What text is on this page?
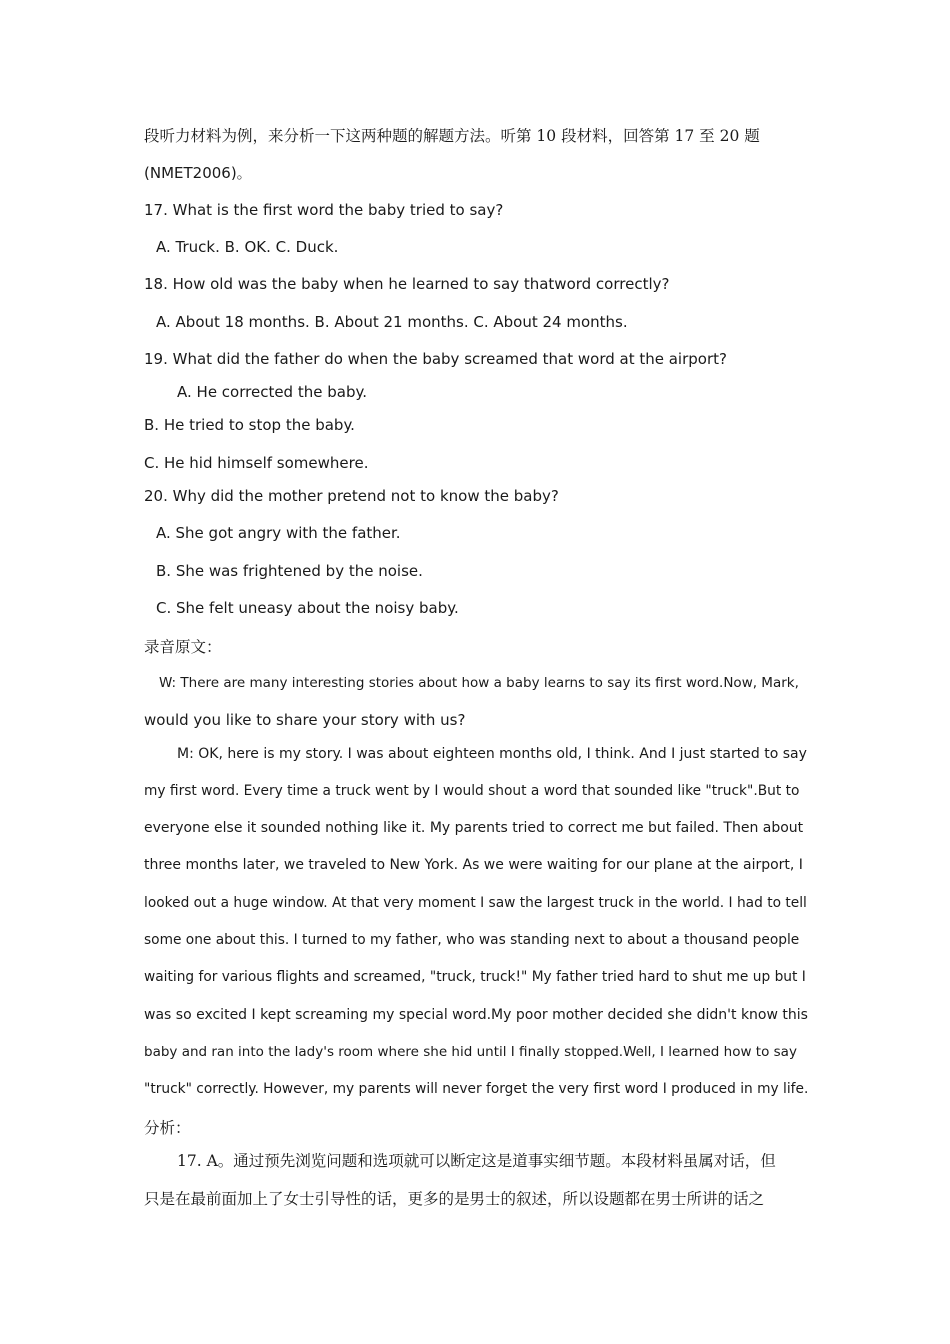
段听力材料为例，来分析一下这两种题的解题方法。听第 10 段材料，回答第 17 至 20 题
(NMET2006)。
17. What is the first word the baby tried to say?
A. Truck. B. OK. C. Duck.
18. How old was the baby when he learned to say thatword correctly?
A. About 18 months. B. About 21 months. C. About 24 months.
19. What did the father do when the baby screamed that word at the airport?
A. He corrected the baby.
B. He tried to stop the baby.
C. He hid himself somewhere.
20. Why did the mother pretend not to know the baby?
A. She got angry with the father.
B. She was frightened by the noise.
C. She felt uneasy about the noisy baby.
录音原文：
W: There are many interesting stories about how a baby learns to say its first word.Now, Mark,
would you like to share your story with us?
M: OK, here is my story. I was about eighteen months old, I think. And I just started to say
my first word. Every time a truck went by I would shout a word that sounded like "truck".But to
everyone else it sounded nothing like it. My parents tried to correct me but failed. Then about
three months later, we traveled to New York. As we were waiting for our plane at the airport, I
looked out a huge window. At that very moment I saw the largest truck in the world. I had to tell
some one about this. I turned to my father, who was standing next to about a thousand people
waiting for various flights and screamed, "truck, truck!" My father tried hard to shut me up but I
was so excited I kept screaming my special word.My poor mother decided she didn't know this
baby and ran into the lady's room where she hid until I finally stopped.Well, I learned how to say
"truck" correctly. However, my parents will never forget the very first word I produced in my life.
分析：
17. A。通过预先浏览问题和选项就可以断定这是道事实细节题。本段材料虽属对话，但
只是在最前面加上了女士引导性的话，更多的是男士的叙述，所以设题都在男士所讲的话之
